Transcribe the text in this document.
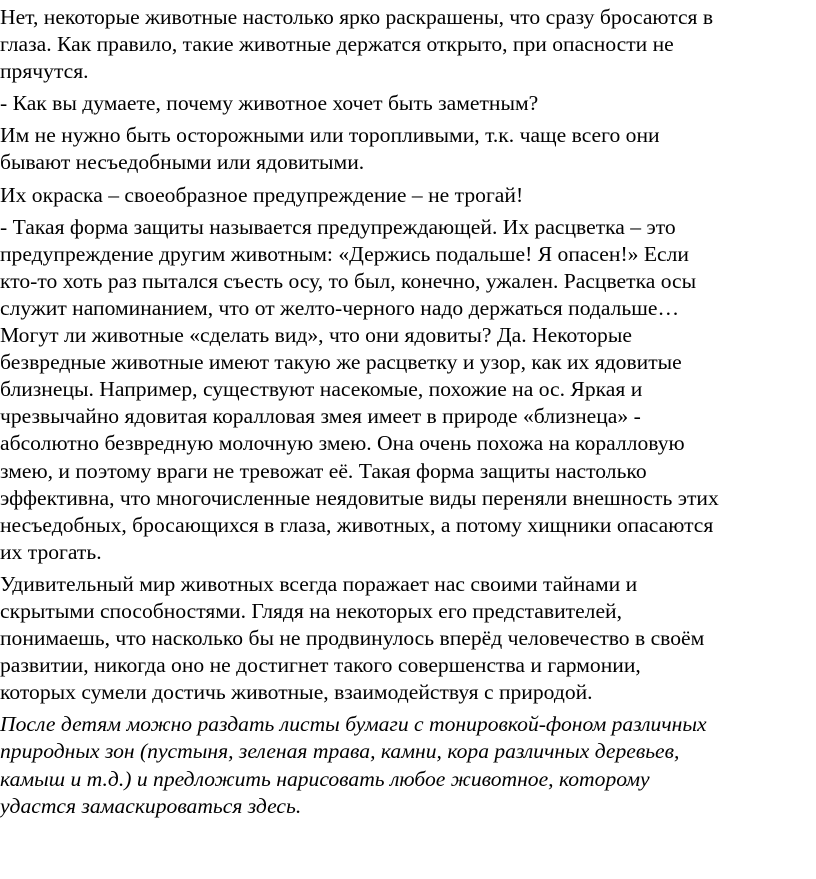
Нет, некоторые животные настолько ярко раскрашены, что сразу бросаются в
глаза. Как правило, такие животные держатся открыто, при опасности не
прячутся.

- Как вы думаете, почему животное хочет быть заметным?

Им не нужно быть осторожными или торопливыми, т.к. чаще всего они
бывают несъедобными или ядовитыми.

Их окраска – своеобразное предупреждение – не трогай!

- Такая форма защиты называется предупреждающей. Их расцветка – это
предупреждение другим животным: «Держись подальше! Я опасен!» Если
кто-то хоть раз пытался съесть осу, то был, конечно, ужален. Расцветка осы
служит напоминанием, что от желто-черного надо держаться подальше…
Могут ли животные «сделать вид», что они ядовиты? Да. Некоторые
безвредные животные имеют такую же расцветку и узор, как их ядовитые
близнецы. Например, существуют насекомые, похожие на ос. Яркая и
чрезвычайно ядовитая коралловая змея имеет в природе «близнеца» -
абсолютно безвредную молочную змею. Она очень похожа на коралловую
змею, и поэтому враги не тревожат её. Такая форма защиты настолько
эффективна, что многочисленные неядовитые виды переняли внешность этих
несъедобных, бросающихся в глаза, животных, а потому хищники опасаются
их трогать.

Удивительный мир животных всегда поражает нас своими тайнами и
скрытыми способностями. Глядя на некоторых его представителей,
понимаешь, что насколько бы не продвинулось вперёд человечество в своём
развитии, никогда оно не достигнет такого совершенства и гармонии,
которых сумели достичь животные, взаимодействуя с природой.

После детям можно раздать листы бумаги с тонировкой-фоном различных
природных зон (пустыня, зеленая трава, камни, кора различных деревьев,
камыш и т.д.) и предложить нарисовать любое животное, которому
удастся замаскироваться здесь.
